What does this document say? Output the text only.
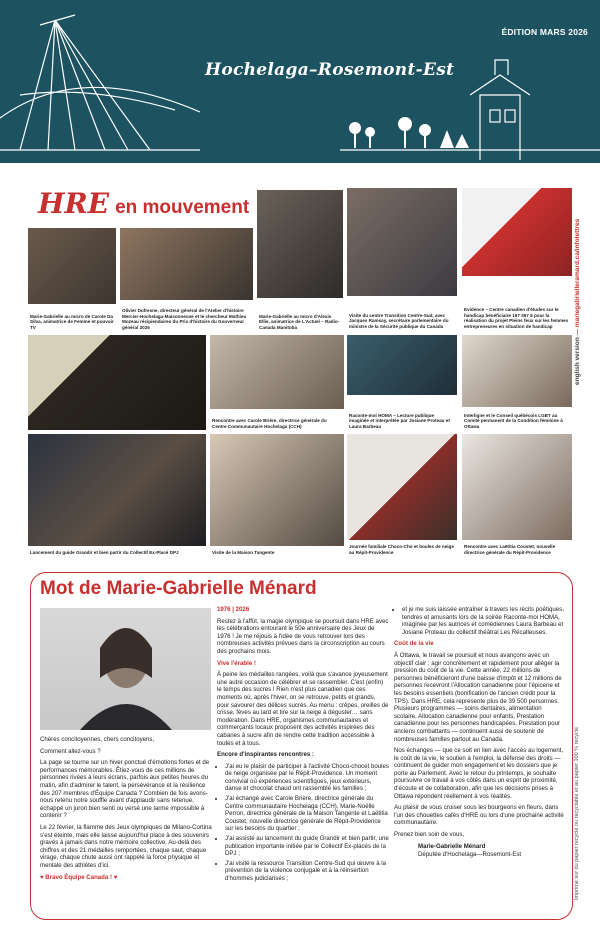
ÉDITION MARS 2026
Hochelaga–Rosemont-Est
english version — mariegabrielleramard.ca/infolettres
Imprimé sur du papier recyclé ou recyclable et au papier 100 % recyclé
HRE en mouvement
Marie-Gabrielle au micro de Carole Da Silva, animatrice de Femme et pouvoir TV
Olivier Dufresne, directeur général de l'Atelier d'histoire Mercier-Hochelaga-Maisonneuve et le chercheur Mathieu Mozeau récipiendaires du Prix d'histoire du Gouverneur général 2025
Marie-Gabrielle au micro d'Alexis Ellie, animatrice de L'Actuel – Radio-Canada Manitoba
Visite du centre Transition Centre-Sud, avec Jacques Ramsay, secrétaire parlementaire du ministre de la Sécurité publique du Canada
Evidence – Centre canadien d'études sur le handicap bénéficiaire 197 357 $ pour la réalisation du projet Pleins feux sur les femmes entrepreneures en situation de handicap
Rencontre avec Carole Brière, directrice générale du Centre Communautaire Hochelaga (CCH)
Raconte-moi HOMA – Lecture publique imaginée et interprétée par Josiane Proteau et Laura Barbeau
Interligne et le Conseil québécois LGBT au Comité permanent de la Condition féminine à Ottawa
Lancement du guide Grandir et bien partir du Collectif Ex-Placé DPJ	Visite de la Maison Tangente
Journée familiale Choco-Cho et boules de neige au Répit-Providence
Rencontre avec Laëtitia Coustet, nouvelle directrice générale du Répit-Providence
Mot de Marie-Gabrielle Ménard

Chères concitoyennes, chers concitoyens,

Comment allez-vous ?

La page se tourne sur un hiver ponctué d'émotions fortes et de performances mémorables. Êtiez-vous de ces millions de personnes rivées à leurs écrans, parfois aux petites heures du matin, afin d'admirer le talent, la persévérance et la résilience des 207 membres d'Équipe Canada ? Combien de fois avons-nous retenu notre souffle avant d'applaudir sans retenue, échappé un juron bien senti ou versé une larme impossible à contenir ?

Le 22 février, la flamme des Jeux olympiques de Milano-Cortina s'est éteinte, mais elle laisse aujourd'hui place à des souvenirs gravés à jamais dans notre mémoire collective. Au-delà des chiffres et des 21 médailles remportées, chaque saut, chaque virage, chaque chute aussi ont rappelé la force physique et mentale des athlètes d'ici.

♥ Bravo Équipe Canada ! ♥

1976 | 2026

Restez à l'affût, la magie olympique se poursuit dans HRE avec les célébrations entourant le 50e anniversaire des Jeux de 1976 ! Je me réjouis à l'idée de vous retrouver lors des nombreuses activités prévues dans la circonscription au cours des prochains mois.

Vive l'érable !

À peine les médailles rangées, voilà que s'avance joyeusement une autre occasion de célébrer et se rassembler. C'est (enfin) le temps des sucres ! Rien n'est plus canadien que ces moments où, après l'hiver, on se retrouve, petits et grands, pour savourer des délices sucrés. Au menu : crêpes, oreilles de crisse, fèves au lard et tire sur la neige à déguster… sans modération. Dans HRE, organismes communautaires et commerçants locaux proposent des activités inspirées des cabanes à sucre afin de rendre cette tradition accessible à toutes et à tous.

Encore d'inspirantes rencontres :

• J'ai eu le plaisir de participer à l'activité Choco-chocet boules de neige organisée par le Répit-Providence. Un moment convivial où expériences scientifiques, jeux extérieurs, danse et chocolat chaud ont rassemblé les familles ;
• J'ai échangé avec Carole Brière, directrice générale du Centre communautaire Hochelaga (CCH), Marie-Noëlle Perron, directrice générale de la Maison Tangente et Laëtitia Coustet, nouvelle directrice générale de Répit-Providence sur les besoins du quartier ;
• J'ai assisté au lancement du guide Grandir et bien partir, une publication importante initiée par le Collectif Ex-placés de la DPJ ;
• J'ai visité la ressource Transition Centre-Sud qui œuvre à la prévention de la violence conjugale et à la réinsertion d'hommes judiciarisés ;
• et je me suis laissée entraîner à travers les récits poétiques, tendres et amusants lors de la soirée Raconte-moi HOMA, imaginée par les autrices et comédiennes Laura Barbeau et Josiane Proteau du collectif théâtral Les Récalteuses.

Coût de la vie

À Ottawa, le travail se poursuit et nous avançons avec un objectif clair : agir concrètement et rapidement pour alléger la pression du coût de la vie. Cette année, 22 millions de personnes bénéficieront d'une baisse d'impôt et 12 millions de personnes recevront l'Allocation canadienne pour l'épicerie et les besoins essentiels (bonification de l'ancien crédit pour la TPS). Dans HRE, cela représente plus de 39 500 personnes. Plusieurs programmes — soins dentaires, alimentation scolaire, Allocation canadienne pour enfants, Prestation canadienne pour les personnes handicapées, Prestation pour anciens combattants — continuent aussi de soutenir de nombreuses familles partout au Canada.

Nos échanges — que ce soit en lien avec l'accès au logement, le coût de la vie, le soutien à l'emploi, la défense des droits — continuent de guider mon engagement et les dossiers que je porte au Parlement. Avec le retour du printemps, je souhaite poursuivre ce travail à vos côtés dans un esprit de proximité, d'écoute et de collaboration, afin que les décisions prises à Ottawa répondent réellement à vos réalités.

Au plaisir de vous croiser sous les bourgeons en fleurs, dans l'un des chouettes cafés d'HRE ou lors d'une prochaine activité communautaire.

Prenez bien soin de vous,

Marie-Gabrielle Ménard

Députée d'Hochelaga—Rosemont-Est
